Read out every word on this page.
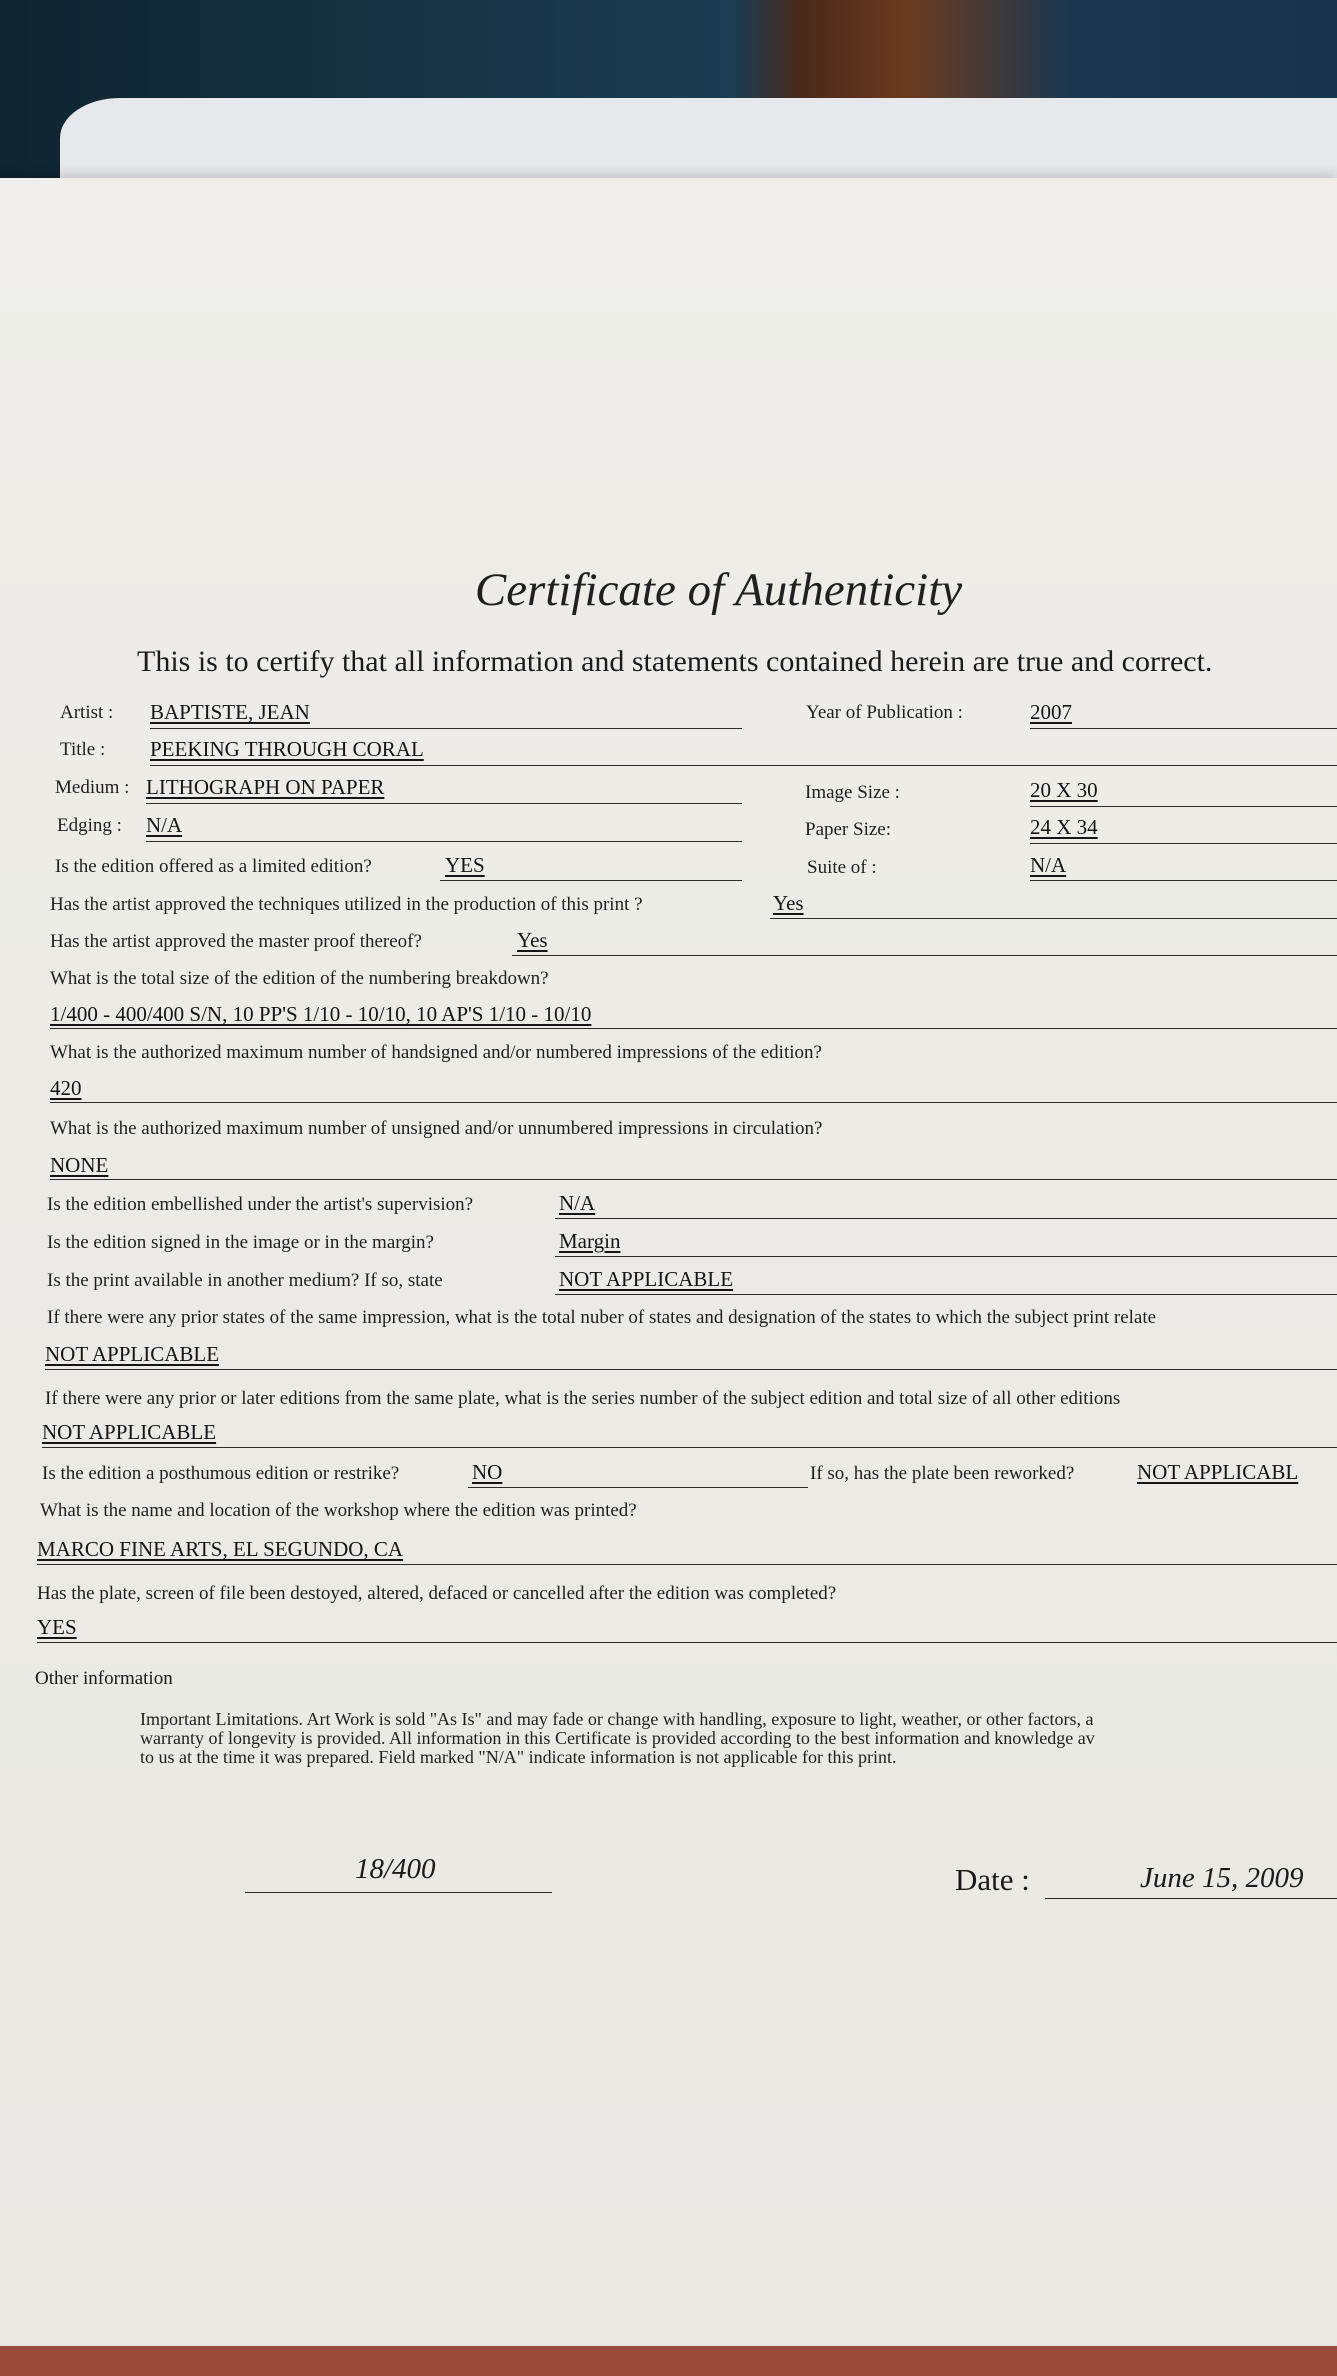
Certificate of Authenticity
This is to certify that all information and statements contained herein are true and correct.
Artist : BAPTISTE, JEAN	Year of Publication :	2007
Title : PEEKING THROUGH CORAL
Medium : LITHOGRAPH ON PAPER	Image Size :	20 X 30
Edging : N/A	Paper Size:	24 X 34
Is the edition offered as a limited edition?	YES	Suite of :	N/A
Has the artist approved the techniques utilized in the production of this print ?	Yes
Has the artist approved the master proof thereof?	Yes
What is the total size of the edition of the numbering breakdown?
1/400 - 400/400 S/N, 10 PP'S 1/10 - 10/10, 10 AP'S 1/10 - 10/10
What is the authorized maximum number of handsigned and/or numbered impressions of the edition?
420
What is the authorized maximum number of unsigned and/or unnumbered impressions in circulation?
NONE
Is the edition embellished under the artist's supervision?	N/A
Is the edition signed in the image or in the margin?	Margin
Is the print available in another medium? If so, state	NOT APPLICABLE
If there were any prior states of the same impression, what is the total nuber of states and designation of the states to which the subject print relate
NOT APPLICABLE
If there were any prior or later editions from the same plate, what is the series number of the subject edition and total size of all other editions
NOT APPLICABLE
Is the edition a posthumous edition or restrike?	NO	If so, has the plate been reworked?	NOT APPLICABL
What is the name and location of the workshop where the edition was printed?
MARCO FINE ARTS, EL SEGUNDO, CA
Has the plate, screen of file been destoyed, altered, defaced or cancelled after the edition was completed?
YES
Other information
Important Limitations. Art Work is sold "As Is" and may fade or change with handling, exposure to light, weather, or other factors, a
warranty of longevity is provided. All information in this Certificate is provided according to the best information and knowledge av
to us at the time it was prepared. Field marked "N/A" indicate information is not applicable for this print.
18/400	Date :	June 15, 2009
